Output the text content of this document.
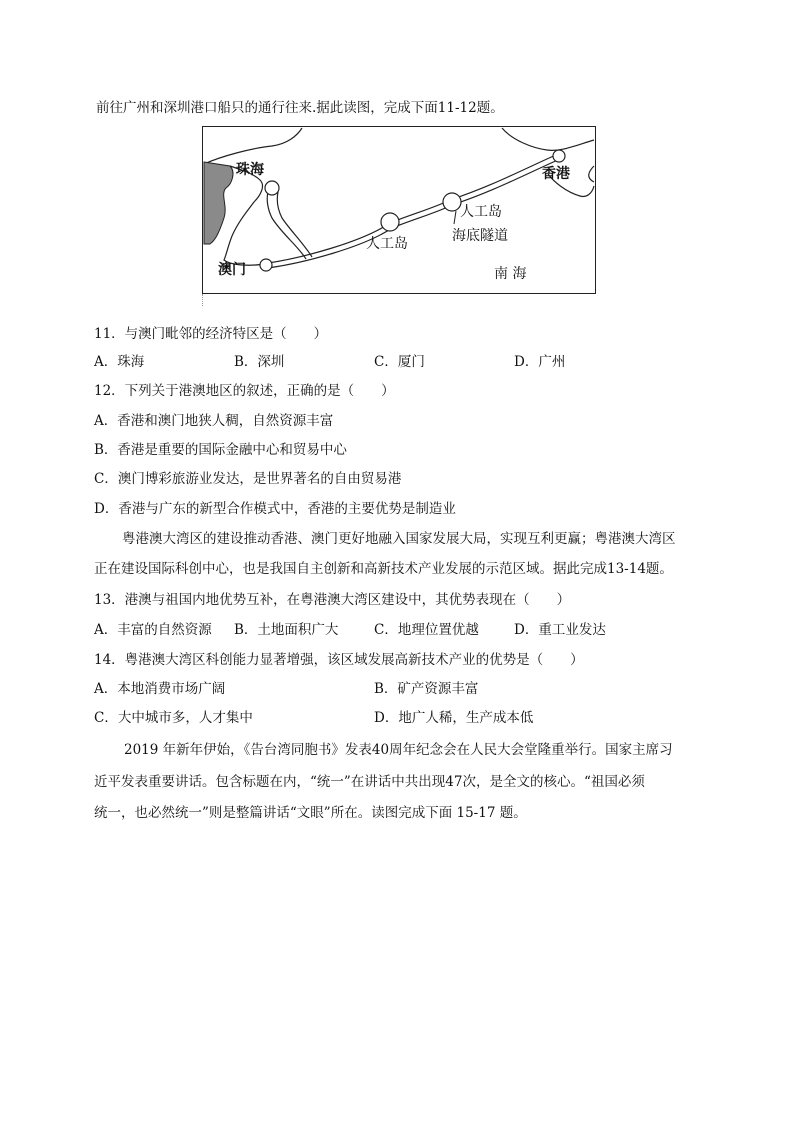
前往广州和深圳港口船只的通行往来.据此读图，完成下面11-12题。
珠海	香港
澳门
人工岛
人工岛
海底隧道
南 海
11．与澳门毗邻的经济特区是（　　）
A．珠海	B．深圳	C．厦门	D．广州
12．下列关于港澳地区的叙述，正确的是（　　）
A．香港和澳门地狭人稠，自然资源丰富
B．香港是重要的国际金融中心和贸易中心
C．澳门博彩旅游业发达，是世界著名的自由贸易港
D．香港与广东的新型合作模式中，香港的主要优势是制造业
粤港澳大湾区的建设推动香港、澳门更好地融入国家发展大局，实现互利更赢；粤港澳大湾区
正在建设国际科创中心，也是我国自主创新和高新技术产业发展的示范区域。据此完成13-14题。
13．港澳与祖国内地优势互补，在粤港澳大湾区建设中，其优势表现在（　　）
A．丰富的自然资源 B．土地面积广大	C．地理位置优越	D．重工业发达
14．粤港澳大湾区科创能力显著增强，该区域发展高新技术产业的优势是（　　）
A．本地消费市场广阔	B．矿产资源丰富
C．大中城市多，人才集中	D．地广人稀，生产成本低
2019 年新年伊始，《告台湾同胞书》发表40周年纪念会在人民大会堂隆重举行。国家主席习
近平发表重要讲话。包含标题在内，“统一”在讲话中共出现47次，是全文的核心。“祖国必须
统一，也必然统一”则是整篇讲话“文眼”所在。读图完成下面 15-17 题。
